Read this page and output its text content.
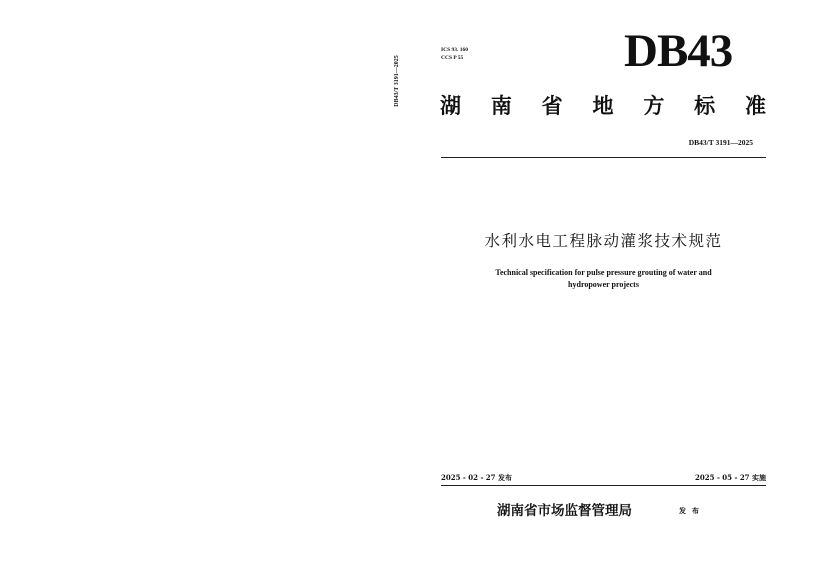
DB43/T 3191—2025
ICS 93. 160
CCS P 55	DB43
湖 南 省 地 方 标 准
DB43/T 3191—2025
水利水电工程脉动灌浆技术规范
Technical specification for pulse pressure grouting of water and
hydropower projects
2025 - 02 - 27 发布	2025 - 05 - 27 实施
湖南省市场监督管理局	发布
